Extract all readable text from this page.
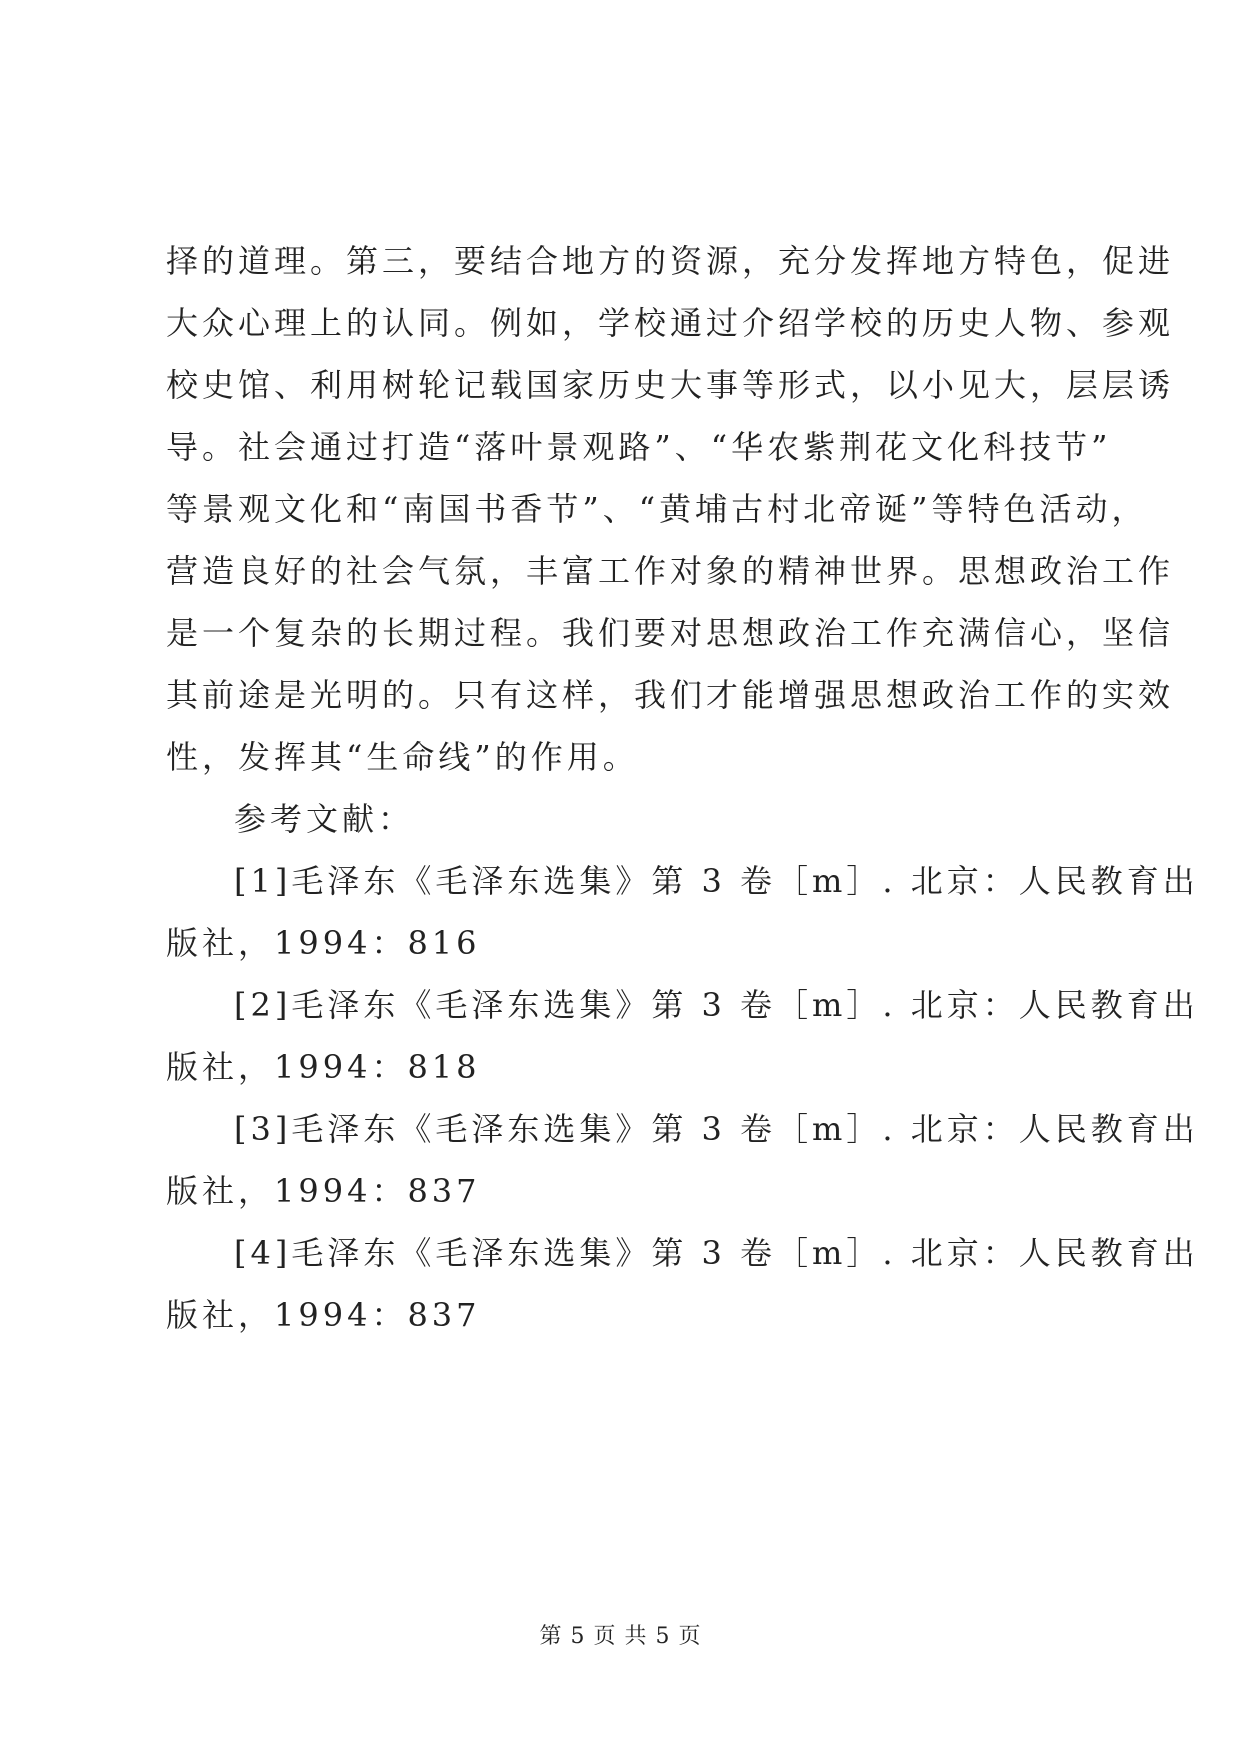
择的道理。第三，要结合地方的资源，充分发挥地方特色，促进
大众心理上的认同。例如，学校通过介绍学校的历史人物、参观
校史馆、利用树轮记载国家历史大事等形式，以小见大，层层诱
导。社会通过打造“落叶景观路”、“华农紫荆花文化科技节”
等景观文化和“南国书香节”、“黄埔古村北帝诞”等特色活动，
营造良好的社会气氛，丰富工作对象的精神世界。思想政治工作
是一个复杂的长期过程。我们要对思想政治工作充满信心，坚信
其前途是光明的。只有这样，我们才能增强思想政治工作的实效
性，发挥其“生命线”的作用。
参考文献：
[1]毛泽东《毛泽东选集》第 3 卷［m］. 北京：人民教育出
版社，1994：816
[2]毛泽东《毛泽东选集》第 3 卷［m］. 北京：人民教育出
版社，1994：818
[3]毛泽东《毛泽东选集》第 3 卷［m］. 北京：人民教育出
版社，1994：837
[4]毛泽东《毛泽东选集》第 3 卷［m］. 北京：人民教育出
版社，1994：837
第 5 页 共 5 页
